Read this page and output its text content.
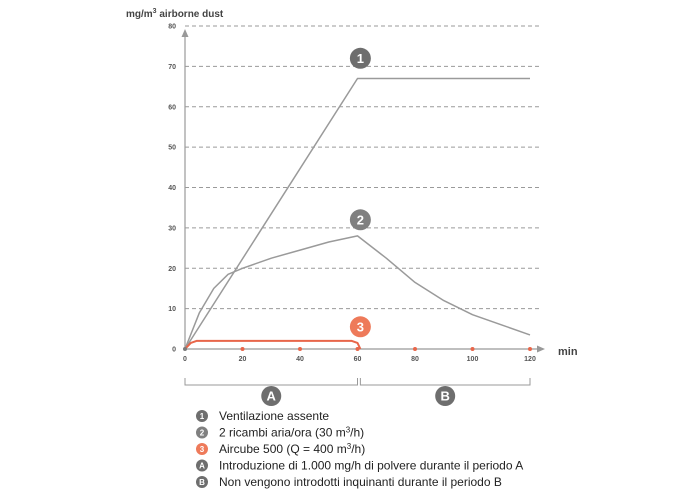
0
10
20
30
40
50
60
70
80
0	20	40	60	80	100	120
1
2
3
A	B
$mg/m^3$ airborne dust
min
1 Ventilazione assente
2 2 ricambi aria/ora (30 $m^3/h$)
3 Aircube 500 (Q = 400 $m^3/h$)
A Introduzione di 1.000 mg/h di polvere durante il periodo A
B Non vengono introdotti inquinanti durante il periodo B
